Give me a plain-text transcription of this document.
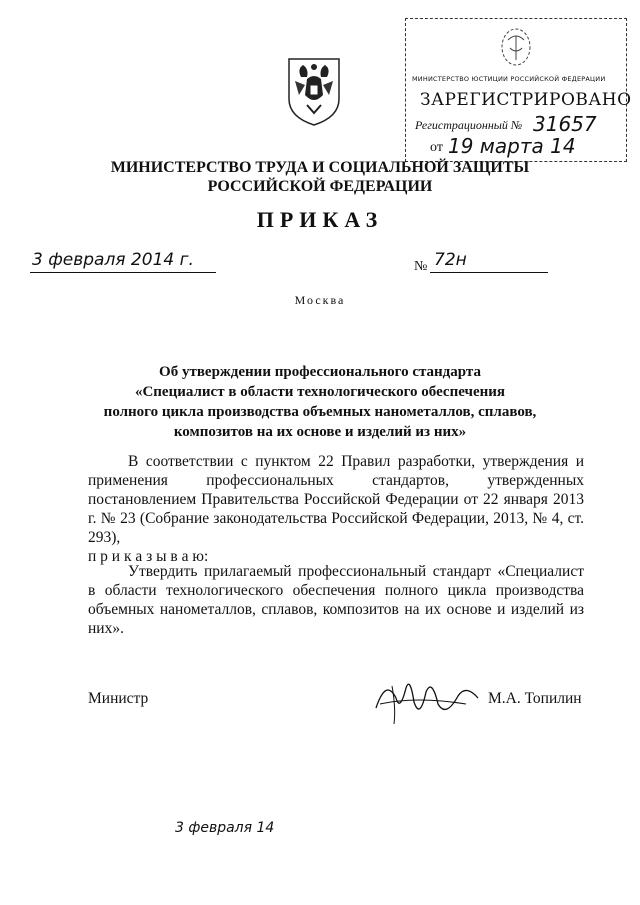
МИНИСТЕРСТВО ЮСТИЦИИ РОССИЙСКОЙ ФЕДЕРАЦИИ
ЗАРЕГИСТРИРОВАНО
Регистрационный № 31657
от 19 марта 14
МИНИСТЕРСТВО ТРУДА И СОЦИАЛЬНОЙ ЗАЩИТЫ
РОССИЙСКОЙ ФЕДЕРАЦИИ
ПРИКАЗ
3 февраля 2014 г.	№ 72н
Москва
Об утверждении профессионального стандарта
«Специалист в области технологического обеспечения
полного цикла производства объемных нанометаллов, сплавов,
композитов на их основе и изделий из них»

В соответствии с пунктом 22 Правил разработки, утверждения и применения профессиональных стандартов, утвержденных постановлением Правительства Российской Федерации от 22 января 2013 г. № 23 (Собрание законодательства Российской Федерации, 2013, № 4, ст. 293),
п р и к а з ы в а ю:

Утвердить прилагаемый профессиональный стандарт «Специалист в области технологического обеспечения полного цикла производства объемных нанометаллов, сплавов, композитов на их основе и изделий из них».

Министр	М.А. Топилин
3 февраля 14
